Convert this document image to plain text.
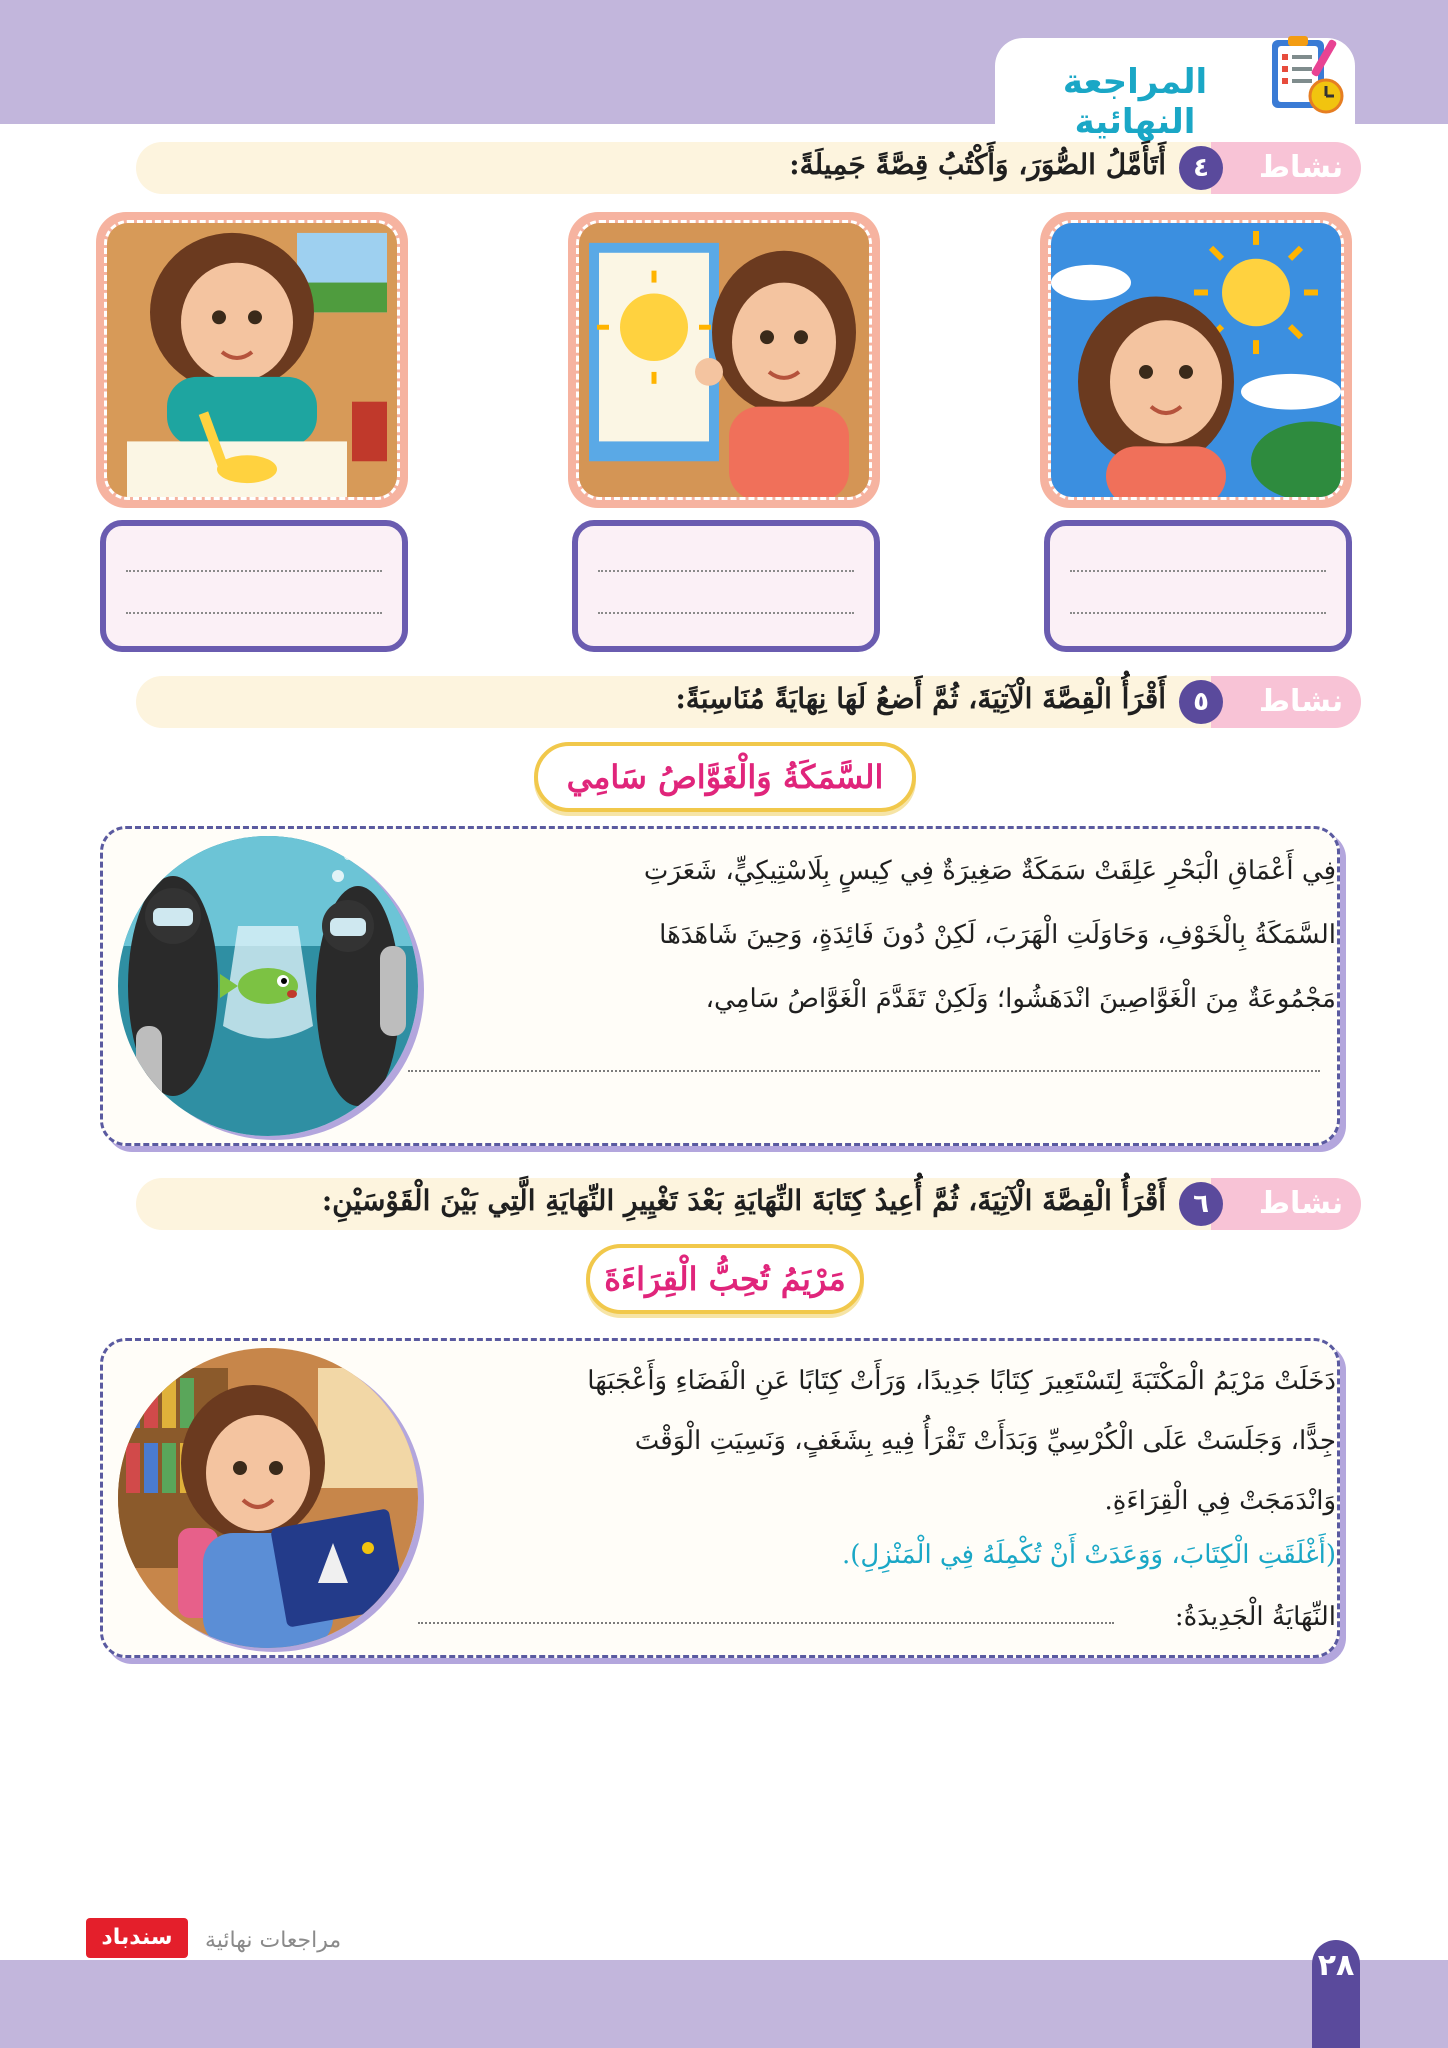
المراجعة النهائية
نشاط
٤
أَتَأَمَّلُ الصُّوَرَ، وَأَكْتُبُ قِصَّةً جَمِيلَةً:
نشاط
٥
أَقْرَأُ الْقِصَّةَ الْآتِيَةَ، ثُمَّ أَضعُ لَهَا نِهَايَةً مُنَاسِبَةً:
السَّمَكَةُ وَالْغَوَّاصُ سَامِي
فِي أَعْمَاقِ الْبَحْرِ عَلِقَتْ سَمَكَةٌ صَغِيرَةٌ فِي كِيسٍ بِلَاسْتِيكِيٍّ، شَعَرَتِ
السَّمَكَةُ بِالْخَوْفِ، وَحَاوَلَتِ الْهَرَبَ، لَكِنْ دُونَ فَائِدَةٍ، وَحِينَ شَاهَدَهَا
مَجْمُوعَةٌ مِنَ الْغَوَّاصِينَ انْدَهَشُوا؛ وَلَكِنْ تَقَدَّمَ الْغَوَّاصُ سَامِي،
نشاط
٦
أَقْرَأُ الْقِصَّةَ الْآتِيَةَ، ثُمَّ أُعِيدُ كِتَابَةَ النِّهَايَةِ بَعْدَ تَغْيِيرِ النِّهَايَةِ الَّتِي بَيْنَ الْقَوْسَيْنِ:
مَرْيَمُ تُحِبُّ الْقِرَاءَةَ
دَخَلَتْ مَرْيَمُ الْمَكْتَبَةَ لِتَسْتَعِيرَ كِتَابًا جَدِيدًا، وَرَأَتْ كِتَابًا عَنِ الْفَضَاءِ وَأَعْجَبَهَا
جِدًّا، وَجَلَسَتْ عَلَى الْكُرْسِيِّ وَبَدَأَتْ تَقْرَأُ فِيهِ بِشَغَفٍ، وَنَسِيَتِ الْوَقْتَ
وَانْدَمَجَتْ فِي الْقِرَاءَةِ.
(أَغْلَقَتِ الْكِتَابَ، وَوَعَدَتْ أَنْ تُكْمِلَهُ فِي الْمَنْزِلِ).
النِّهَايَةُ الْجَدِيدَةُ:
٢٨
مراجعات نهائية
سندباد
